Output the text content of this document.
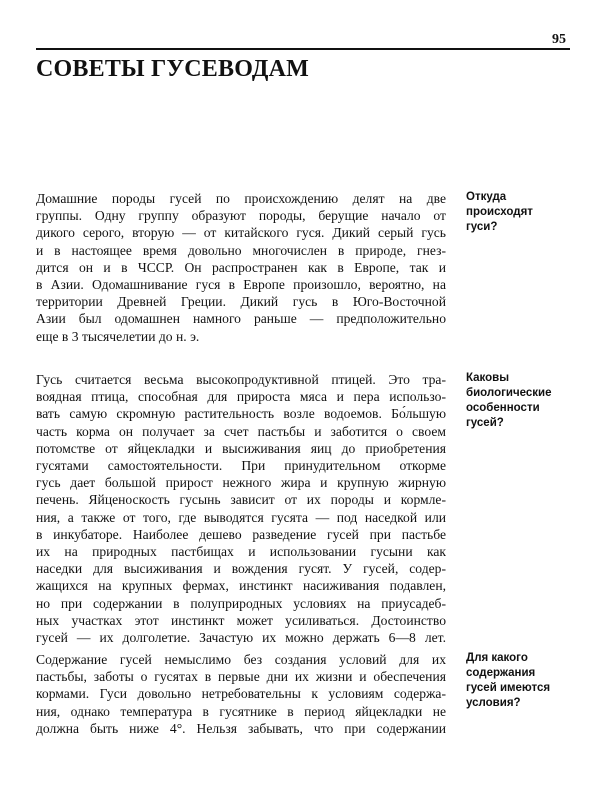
95
СОВЕТЫ ГУСЕВОДАМ

Домашние породы гусей по происхождению делят на две
группы. Одну группу образуют породы, берущие начало от
дикого серого, вторую — от китайского гуся. Дикий серый гусь
и в настоящее время довольно многочислен в природе, гнез-
дится он и в ЧССР. Он распространен как в Европе, так и
в Азии. Одомашнивание гуся в Европе произошло, вероятно, на
территории Древней Греции. Дикий гусь в Юго-Восточной
Азии был одомашнен намного раньше — предположительно
еще в 3 тысячелетии до н. э.

Откуда
происходят
гуси?

Гусь считается весьма высокопродуктивной птицей. Это тра-
воядная птица, способная для прироста мяса и пера использо-
вать самую скромную растительность возле водоемов. Бо́льшую
часть корма он получает за счет пастьбы и заботится о своем
потомстве от яйцекладки и высиживания яиц до приобретения
гусятами самостоятельности. При принудительном откорме
гусь дает большой прирост нежного жира и крупную жирную
печень. Яйценоскость гусынь зависит от их породы и кормле-
ния, а также от того, где выводятся гусята — под наседкой или
в инкубаторе. Наиболее дешево разведение гусей при пастьбе
их на природных пастбищах и использовании гусыни как
наседки для высиживания и вождения гусят. У гусей, содер-
жащихся на крупных фермах, инстинкт насиживания подавлен,
но при содержании в полуприродных условиях на приусадеб-
ных участках этот инстинкт может усиливаться. Достоинство
гусей — их долголетие. Зачастую их можно держать 6—8 лет.

Каковы
биологические
особенности
гусей?

Содержание гусей немыслимо без создания условий для их
пастьбы, заботы о гусятах в первые дни их жизни и обеспечения
кормами. Гуси довольно нетребовательны к условиям содержа-
ния, однако температура в гусятнике в период яйцекладки не
должна быть ниже 4°. Нельзя забывать, что при содержании

Для какого
содержания
гусей имеются
условия?
